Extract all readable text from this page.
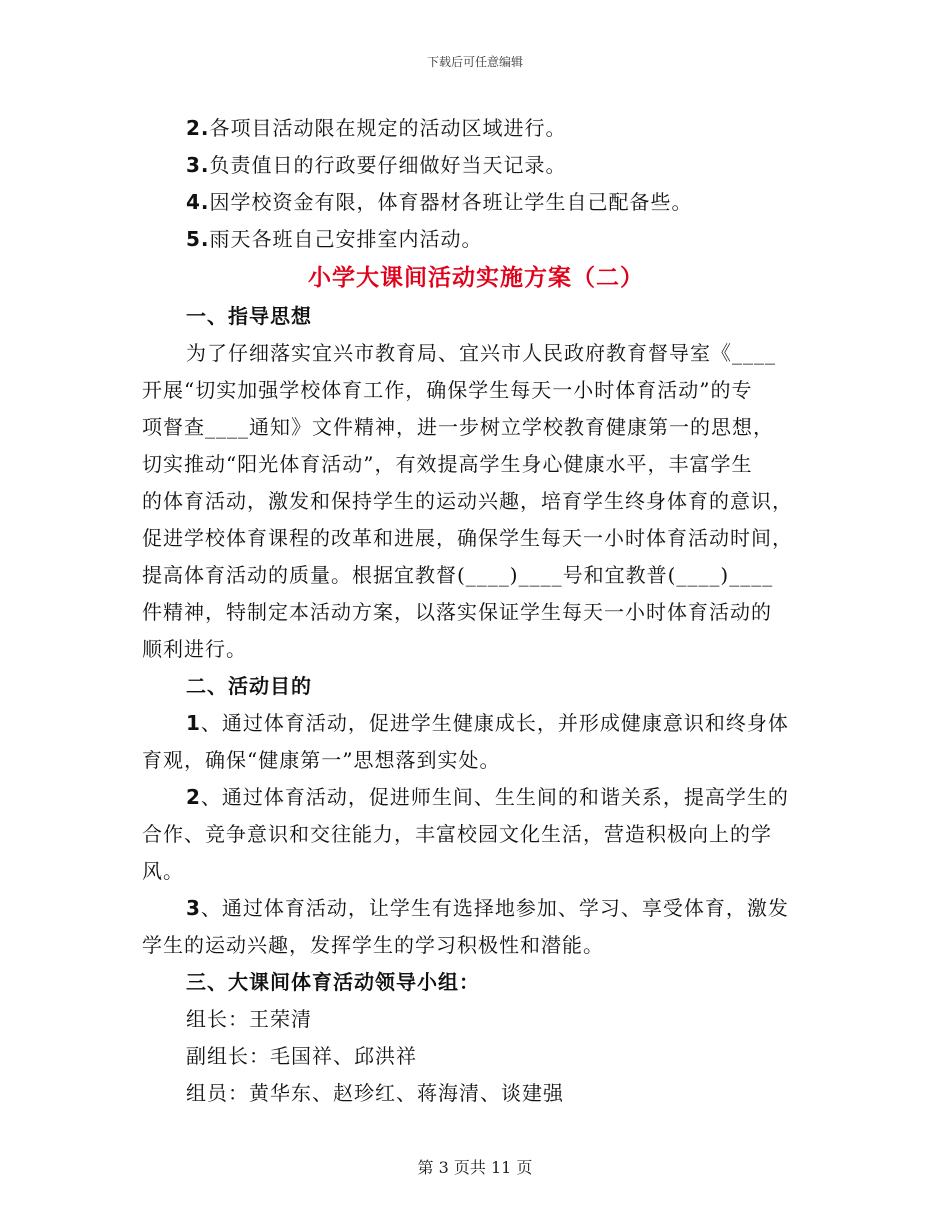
下载后可任意编辑

2.各项目活动限在规定的活动区域进行。

3.负责值日的行政要仔细做好当天记录。

4.因学校资金有限，体育器材各班让学生自己配备些。

5.雨天各班自己安排室内活动。

小学大课间活动实施方案（二）

一、指导思想

为了仔细落实宜兴市教育局、宜兴市人民政府教育督导室《____

开展“切实加强学校体育工作，确保学生每天一小时体育活动”的专

项督查____通知》文件精神，进一步树立学校教育健康第一的思想，

切实推动“阳光体育活动”，有效提高学生身心健康水平，丰富学生

的体育活动，激发和保持学生的运动兴趣，培育学生终身体育的意识，

促进学校体育课程的改革和进展，确保学生每天一小时体育活动时间，

提高体育活动的质量。根据宜教督(____)____号和宜教普(____)____

件精神，特制定本活动方案，以落实保证学生每天一小时体育活动的

顺利进行。

二、活动目的

1、通过体育活动，促进学生健康成长，并形成健康意识和终身体

育观，确保“健康第一”思想落到实处。

2、通过体育活动，促进师生间、生生间的和谐关系，提高学生的

合作、竞争意识和交往能力，丰富校园文化生活，营造积极向上的学

风。

3、通过体育活动，让学生有选择地参加、学习、享受体育，激发

学生的运动兴趣，发挥学生的学习积极性和潜能。

三、大课间体育活动领导小组：

组长：王荣清

副组长：毛国祥、邱洪祥

组员：黄华东、赵珍红、蒋海清、谈建强

第 3 页共 11 页
